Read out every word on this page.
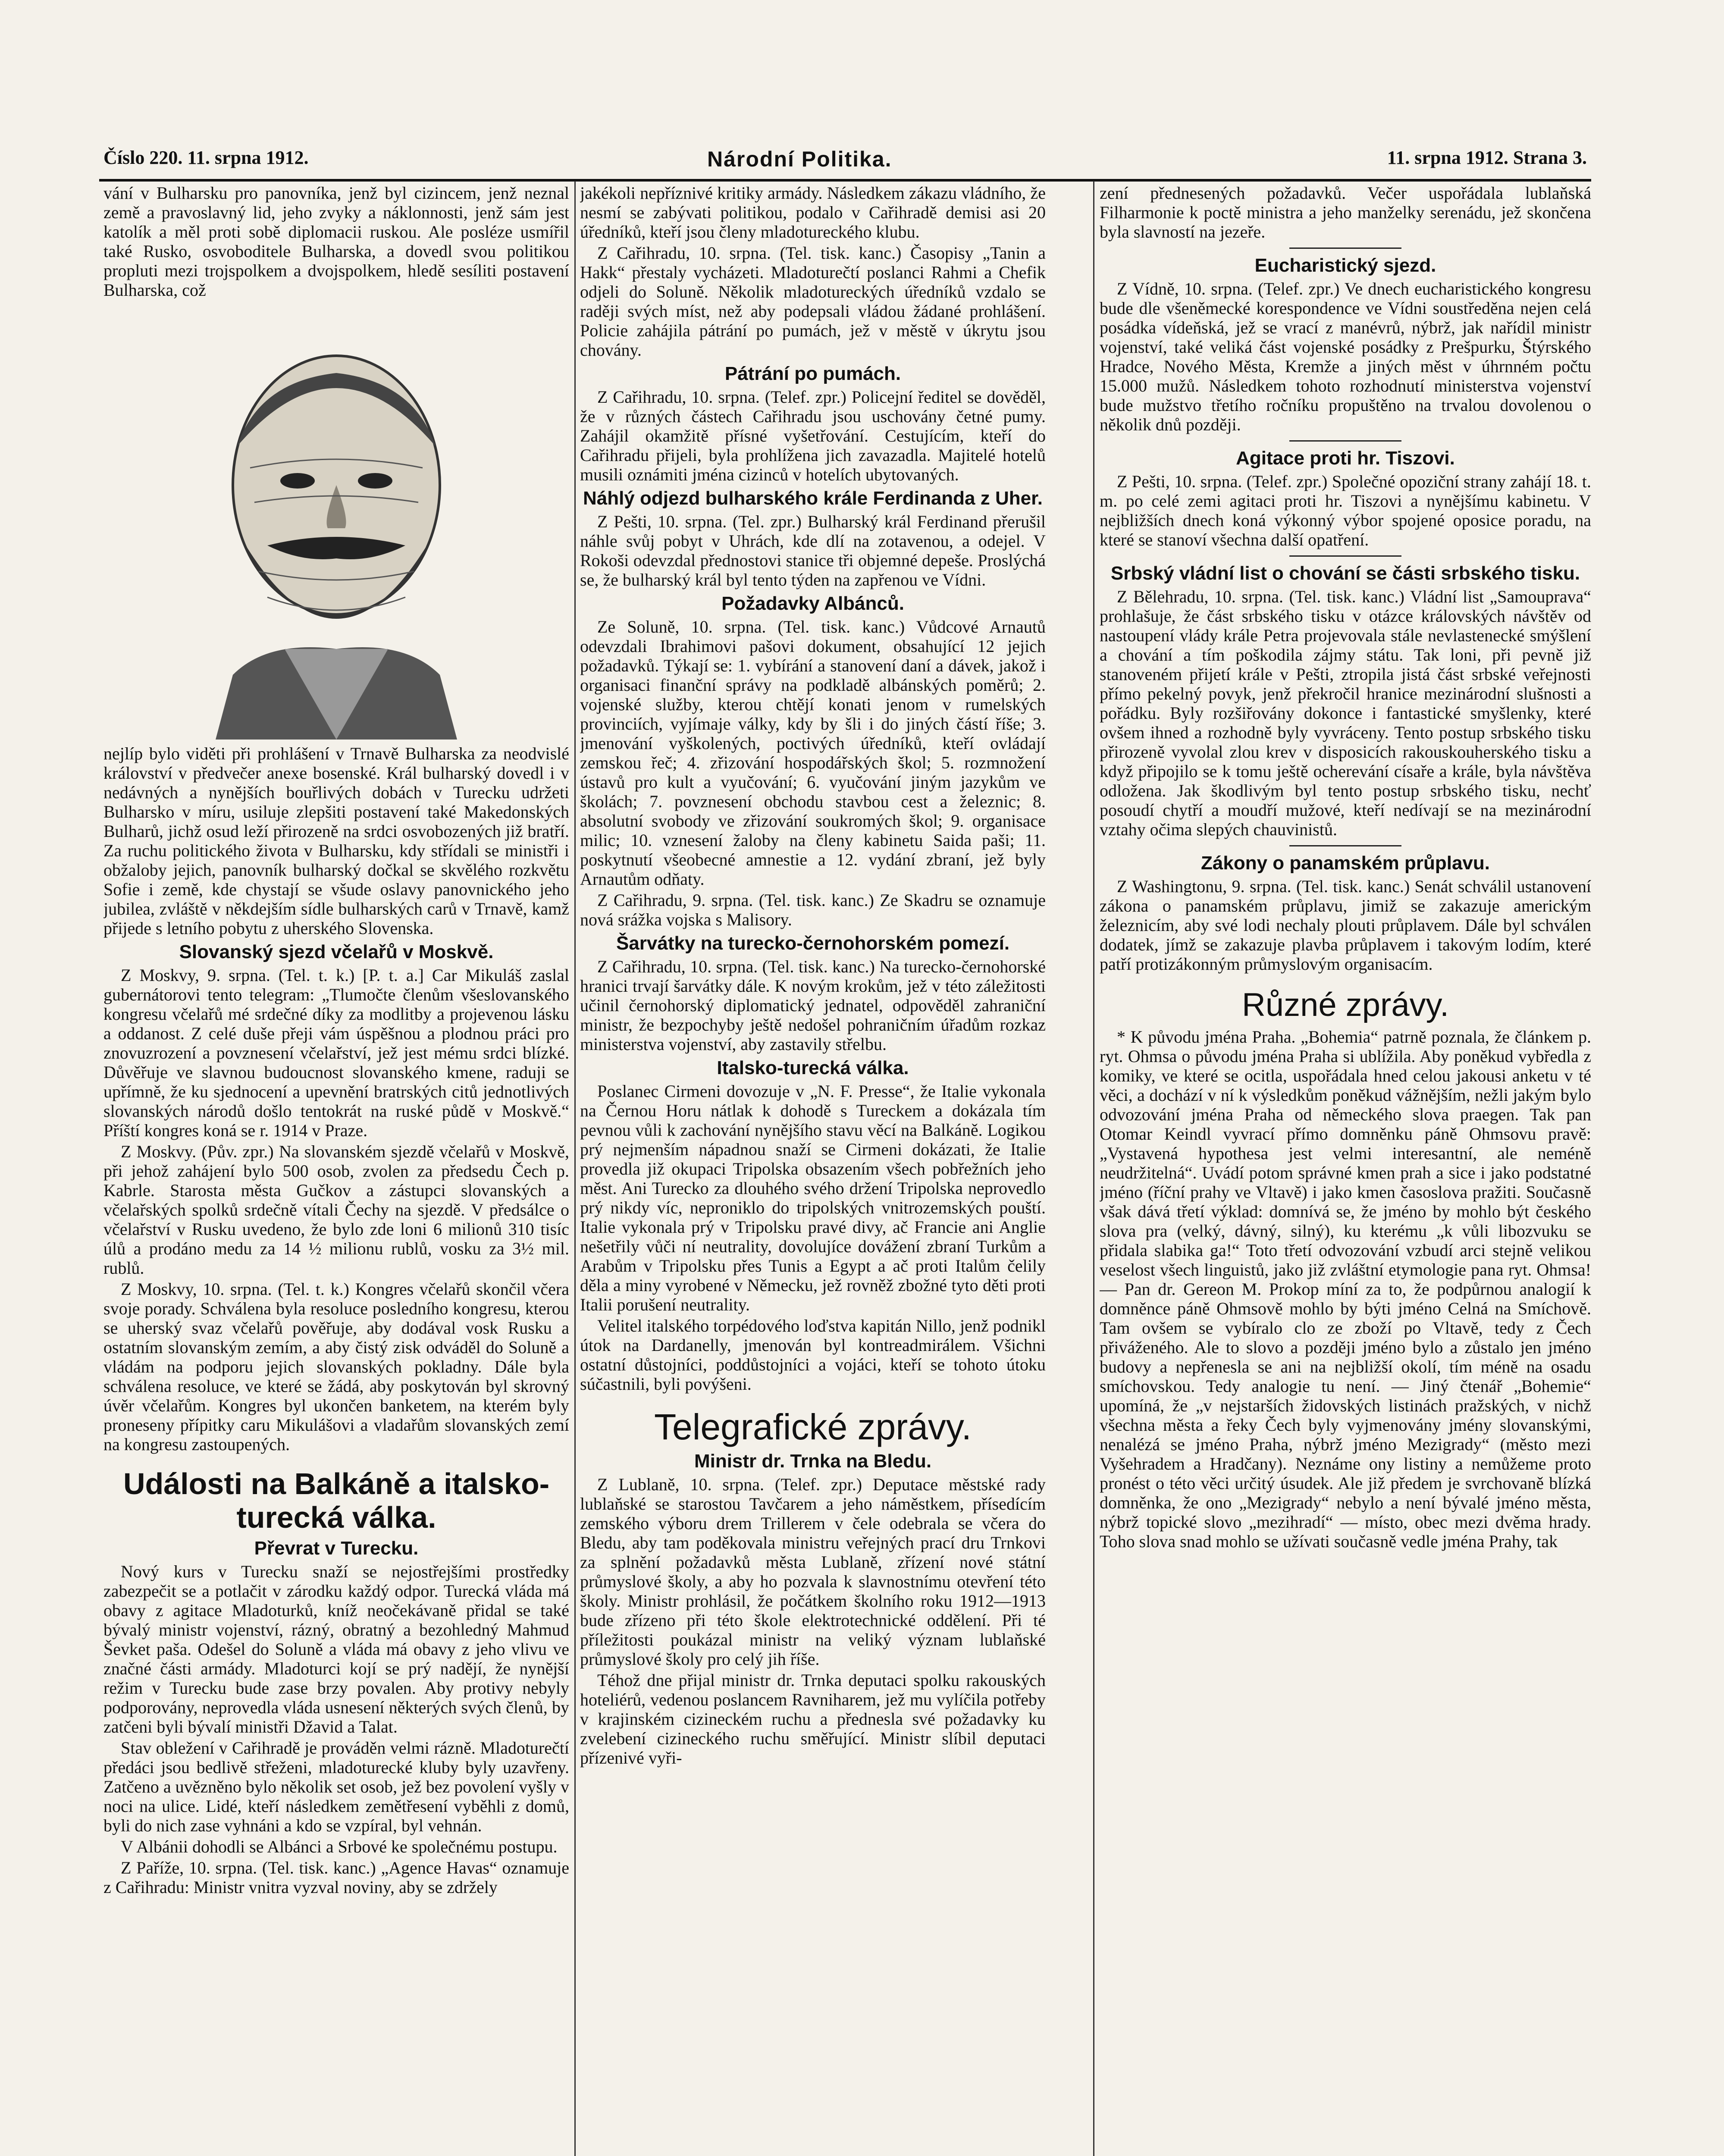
Číslo 220. 11. srpna 1912.	Národní Politika.	11. srpna 1912. Strana 3.

vání v Bulharsku pro panovníka, jenž byl cizincem, jenž neznal země a pravoslavný lid, jeho zvyky a náklonnosti, jenž sám jest katolík a měl proti sobě diplomacii ruskou. Ale posléze usmířil také Rusko, osvoboditele Bulharska, a dovedl svou politikou propluti mezi trojspolkem a dvojspolkem, hledě sesíliti postavení Bulharska, což

nejlíp bylo viděti při prohlášení v Trnavě Bulharska za neodvislé království v předvečer anexe bosenské. Král bulharský dovedl i v nedávných a nynějších bouřlivých dobách v Turecku udržeti Bulharsko v míru, usiluje zlepšiti postavení také Makedonských Bulharů, jichž osud leží přirozeně na srdci osvobozených již bratří. Za ruchu politického života v Bulharsku, kdy střídali se ministři i obžaloby jejich, panovník bulharský dočkal se skvělého rozkvětu Sofie i země, kde chystají se všude oslavy panovnického jeho jubilea, zvláště v někdejším sídle bulharských carů v Trnavě, kamž přijede s letního pobytu z uherského Slovenska.

Slovanský sjezd včelařů v Moskvě.

Z Moskvy, 9. srpna. (Tel. t. k.) [P. t. a.] Car Mikuláš zaslal gubernátorovi tento telegram: „Tlumočte členům všeslovanského kongresu včelařů mé srdečné díky za modlitby a projevenou lásku a oddanost. Z celé duše přeji vám úspěšnou a plodnou práci pro znovuzrození a povznesení včelařství, jež jest mému srdci blízké. Důvěřuje ve slavnou budoucnost slovanského kmene, raduji se upřímně, že ku sjednocení a upevnění bratrských citů jednotlivých slovanských národů došlo tentokrát na ruské půdě v Moskvě.“ Příští kongres koná se r. 1914 v Praze.

Z Moskvy. (Pův. zpr.) Na slovanském sjezdě včelařů v Moskvě, při jehož zahájení bylo 500 osob, zvolen za předsedu Čech p. Kabrle. Starosta města Gučkov a zástupci slovanských a včelařských spolků srdečně vítali Čechy na sjezdě. V předsálce o včelařství v Rusku uvedeno, že bylo zde loni 6 milionů 310 tisíc úlů a prodáno medu za 14 ½ milionu rublů, vosku za 3½ mil. rublů.

Z Moskvy, 10. srpna. (Tel. t. k.) Kongres včelařů skončil včera svoje porady. Schválena byla resoluce posledního kongresu, kterou se uherský svaz včelařů pověřuje, aby dodával vosk Rusku a ostatním slovanským zemím, a aby čistý zisk odváděl do Soluně a vládám na podporu jejich slovanských pokladny. Dále byla schválena resoluce, ve které se žádá, aby poskytován byl skrovný úvěr včelařům. Kongres byl ukončen banketem, na kterém byly proneseny přípitky caru Mikulášovi a vladařům slovanských zemí na kongresu zastoupených.

Události na Balkáně a italsko-turecká válka.
Převrat v Turecku.

Nový kurs v Turecku snaží se nejostřejšími prostředky zabezpečit se a potlačit v zárodku každý odpor. Turecká vláda má obavy z agitace Mladoturků, kníž neočekávaně přidal se také bývalý ministr vojenství, rázný, obratný a bezohledný Mahmud Ševket paša. Odešel do Soluně a vláda má obavy z jeho vlivu ve značné části armády. Mladoturci kojí se prý nadějí, že nynější režim v Turecku bude zase brzy povalen. Aby protivy nebyly podporovány, neprovedla vláda usnesení některých svých členů, by zatčeni byli bývalí ministři Džavid a Talat.

Stav obležení v Cařihradě je prováděn velmi rázně. Mladoturečtí předáci jsou bedlivě střeženi, mladoturecké kluby byly uzavřeny. Zatčeno a uvězněno bylo několik set osob, jež bez povolení vyšly v noci na ulice. Lidé, kteří následkem zemětřesení vyběhli z domů, byli do nich zase vyhnáni a kdo se vzpíral, byl vehnán.

V Albánii dohodli se Albánci a Srbové ke společnému postupu.

Z Paříže, 10. srpna. (Tel. tisk. kanc.) „Agence Havas“ oznamuje z Cařihradu: Ministr vnitra vyzval noviny, aby se zdržely

jakékoli nepříznivé kritiky armády. Následkem zákazu vládního, že nesmí se zabývati politikou, podalo v Cařihradě demisi asi 20 úředníků, kteří jsou členy mladotureckého klubu.

Z Cařihradu, 10. srpna. (Tel. tisk. kanc.) Časopisy „Tanin a Hakk“ přestaly vycházeti. Mladoturečtí poslanci Rahmi a Chefik odjeli do Soluně. Několik mladotureckých úředníků vzdalo se raději svých míst, než aby podepsali vládou žádané prohlášení. Policie zahájila pátrání po pumách, jež v městě v úkrytu jsou chovány.

Pátrání po pumách.

Z Cařihradu, 10. srpna. (Telef. zpr.) Policejní ředitel se dověděl, že v různých částech Cařihradu jsou uschovány četné pumy. Zahájil okamžitě přísné vyšetřování. Cestujícím, kteří do Cařihradu přijeli, byla prohlížena jich zavazadla. Majitelé hotelů musili oznámiti jména cizinců v hotelích ubytovaných.

Náhlý odjezd bulharského krále Ferdinanda z Uher.

Z Pešti, 10. srpna. (Tel. zpr.) Bulharský král Ferdinand přerušil náhle svůj pobyt v Uhrách, kde dlí na zotavenou, a odejel. V Rokoši odevzdal přednostovi stanice tři objemné depeše. Proslýchá se, že bulharský král byl tento týden na zapřenou ve Vídni.

Požadavky Albánců.

Ze Soluně, 10. srpna. (Tel. tisk. kanc.) Vůdcové Arnautů odevzdali Ibrahimovi pašovi dokument, obsahující 12 jejich požadavků. Týkají se: 1. vybírání a stanovení daní a dávek, jakož i organisaci finanční správy na podkladě albánských poměrů; 2. vojenské služby, kterou chtějí konati jenom v rumelských provinciích, vyjímaje války, kdy by šli i do jiných částí říše; 3. jmenování vyškolených, poctivých úředníků, kteří ovládají zemskou řeč; 4. zřizování hospodářských škol; 5. rozmnožení ústavů pro kult a vyučování; 6. vyučování jiným jazykům ve školách; 7. povznesení obchodu stavbou cest a železnic; 8. absolutní svobody ve zřizování soukromých škol; 9. organisace milic; 10. vznesení žaloby na členy kabinetu Saida paši; 11. poskytnutí všeobecné amnestie a 12. vydání zbraní, jež byly Arnautům odňaty.

Z Cařihradu, 9. srpna. (Tel. tisk. kanc.) Ze Skadru se oznamuje nová srážka vojska s Malisory.

Šarvátky na turecko-černohorském pomezí.

Z Cařihradu, 10. srpna. (Tel. tisk. kanc.) Na turecko-černohorské hranici trvají šarvátky dále. K novým krokům, jež v této záležitosti učinil černohorský diplomatický jednatel, odpověděl zahraniční ministr, že bezpochyby ještě nedošel pohraničním úřadům rozkaz ministerstva vojenství, aby zastavily střelbu.

Italsko-turecká válka.

Poslanec Cirmeni dovozuje v „N. F. Presse“, že Italie vykonala na Černou Horu nátlak k dohodě s Tureckem a dokázala tím pevnou vůli k zachování nynějšího stavu věcí na Balkáně. Logikou prý nejmenším nápadnou snaží se Cirmeni dokázati, že Italie provedla již okupaci Tripolska obsazením všech pobřežních jeho měst. Ani Turecko za dlouhého svého držení Tripolska neprovedlo prý nikdy víc, neproniklo do tripolských vnitrozemských pouští. Italie vykonala prý v Tripolsku pravé divy, ač Francie ani Anglie nešetřily vůči ní neutrality, dovolujíce dovážení zbraní Turkům a Arabům v Tripolsku přes Tunis a Egypt a ač proti Italům čelily děla a miny vyrobené v Německu, jež rovněž zbožné tyto děti proti Italii porušení neutrality.

Velitel italského torpédového loďstva kapitán Nillo, jenž podnikl útok na Dardanelly, jmenován byl kontreadmirálem. Všichni ostatní důstojníci, poddůstojníci a vojáci, kteří se tohoto útoku súčastnili, byli povýšeni.

Telegrafické zprávy.
Ministr dr. Trnka na Bledu.

Z Lublaně, 10. srpna. (Telef. zpr.) Deputace městské rady lublaňské se starostou Tavčarem a jeho náměstkem, přísedícím zemského výboru drem Trillerem v čele odebrala se včera do Bledu, aby tam poděkovala ministru veřejných prací dru Trnkovi za splnění požadavků města Lublaně, zřízení nové státní průmyslové školy, a aby ho pozvala k slavnostnímu otevření této školy. Ministr prohlásil, že počátkem školního roku 1912—1913 bude zřízeno při této škole elektrotechnické oddělení. Při té příležitosti poukázal ministr na veliký význam lublaňské průmyslové školy pro celý jih říše.

Téhož dne přijal ministr dr. Trnka deputaci spolku rakouských hoteliérů, vedenou poslancem Ravniharem, jež mu vylíčila potřeby v krajinském cizineckém ruchu a přednesla své požadavky ku zvelebení cizineckého ruchu směřující. Ministr slíbil deputaci přízenivé vyři-

zení přednesených požadavků. Večer uspořádala lublaňská Filharmonie k poctě ministra a jeho manželky serenádu, jež skončena byla slavností na jezeře.

Eucharistický sjezd.

Z Vídně, 10. srpna. (Telef. zpr.) Ve dnech eucharistického kongresu bude dle všeněmecké korespondence ve Vídni soustředěna nejen celá posádka vídeňská, jež se vrací z manévrů, nýbrž, jak nařídil ministr vojenství, také veliká část vojenské posádky z Prešpurku, Štýrského Hradce, Nového Města, Kremže a jiných měst v úhrnném počtu 15.000 mužů. Následkem tohoto rozhodnutí ministerstva vojenství bude mužstvo třetího ročníku propuštěno na trvalou dovolenou o několik dnů později.

Agitace proti hr. Tiszovi.

Z Pešti, 10. srpna. (Telef. zpr.) Společné opoziční strany zahájí 18. t. m. po celé zemi agitaci proti hr. Tiszovi a nynějšímu kabinetu. V nejbližších dnech koná výkonný výbor spojené oposice poradu, na které se stanoví všechna další opatření.

Srbský vládní list o chování se části srbského tisku.

Z Bělehradu, 10. srpna. (Tel. tisk. kanc.) Vládní list „Samouprava“ prohlašuje, že část srbského tisku v otázce královských návštěv od nastoupení vlády krále Petra projevovala stále nevlastenecké smýšlení a chování a tím poškodila zájmy státu. Tak loni, při pevně již stanoveném přijetí krále v Pešti, ztropila jistá část srbské veřejnosti přímo pekelný povyk, jenž překročil hranice mezinárodní slušnosti a pořádku. Byly rozšiřovány dokonce i fantastické smyšlenky, které ovšem ihned a rozhodně byly vyvráceny. Tento postup srbského tisku přirozeně vyvolal zlou krev v disposicích rakouskouherského tisku a když připojilo se k tomu ještě ocherevání císaře a krále, byla návštěva odložena. Jak škodlivým byl tento postup srbského tisku, nechť posoudí chytří a moudří mužové, kteří nedívají se na mezinárodní vztahy očima slepých chauvinistů.

Zákony o panamském průplavu.

Z Washingtonu, 9. srpna. (Tel. tisk. kanc.) Senát schválil ustanovení zákona o panamském průplavu, jimiž se zakazuje americkým železnicím, aby své lodi nechaly plouti průplavem. Dále byl schválen dodatek, jímž se zakazuje plavba průplavem i takovým lodím, které patří protizákonným průmyslovým organisacím.

Různé zprávy.

* K původu jména Praha. „Bohemia“ patrně poznala, že článkem p. ryt. Ohmsa o původu jména Praha si ublížila. Aby poněkud vybředla z komiky, ve které se ocitla, uspořádala hned celou jakousi anketu v té věci, a dochází v ní k výsledkům poněkud vážnějším, nežli jakým bylo odvozování jména Praha od německého slova praegen. Tak pan Otomar Keindl vyvrací přímo domněnku páně Ohmsovu pravě: „Vystavená hypothesa jest velmi interesantní, ale neméně neudržitelná“. Uvádí potom správné kmen prah a sice i jako podstatné jméno (říční prahy ve Vltavě) i jako kmen časoslova pražiti. Současně však dává třetí výklad: domnívá se, že jméno by mohlo být českého slova pra (velký, dávný, silný), ku kterému „k vůli libozvuku se přidala slabika ga!“ Toto třetí odvozování vzbudí arci stejně velikou veselost všech linguistů, jako již zvláštní etymologie pana ryt. Ohmsa! — Pan dr. Gereon M. Prokop míní za to, že podpůrnou analogií k domněnce páně Ohmsově mohlo by býti jméno Celná na Smíchově. Tam ovšem se vybíralo clo ze zboží po Vltavě, tedy z Čech přiváženého. Ale to slovo a později jméno bylo a zůstalo jen jméno budovy a nepřenesla se ani na nejbližší okolí, tím méně na osadu smíchovskou. Tedy analogie tu není. — Jiný čtenář „Bohemie“ upomíná, že „v nejstarších židovských listinách pražských, v nichž všechna města a řeky Čech byly vyjmenovány jmény slovanskými, nenalézá se jméno Praha, nýbrž jméno Mezigrady“ (město mezi Vyšehradem a Hradčany). Neznáme ony listiny a nemůžeme proto pronést o této věci určitý úsudek. Ale již předem je svrchovaně blízká domněnka, že ono „Mezigrady“ nebylo a není bývalé jméno města, nýbrž topické slovo „mezihradí“ — místo, obec mezi dvěma hrady. Toho slova snad mohlo se užívati současně vedle jména Prahy, tak
